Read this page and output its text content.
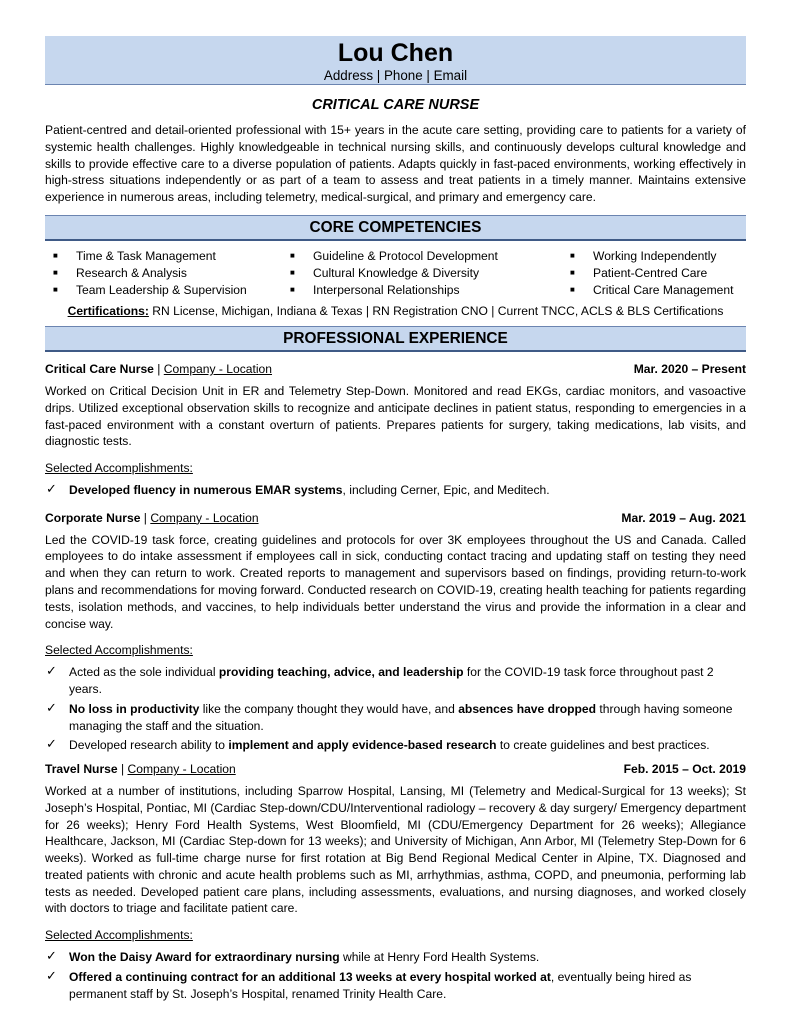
Lou Chen
Address | Phone | Email
CRITICAL CARE NURSE
Patient-centred and detail-oriented professional with 15+ years in the acute care setting, providing care to patients for a variety of systemic health challenges. Highly knowledgeable in technical nursing skills, and continuously develops cultural knowledge and skills to provide effective care to a diverse population of patients. Adapts quickly in fast-paced environments, working effectively in high-stress situations independently or as part of a team to assess and treat patients in a timely manner. Maintains extensive experience in numerous areas, including telemetry, medical-surgical, and primary and emergency care.
CORE COMPETENCIES
■ Time & Task Management
■ Research & Analysis
■ Team Leadership & Supervision
■ Guideline & Protocol Development
■ Cultural Knowledge & Diversity
■ Interpersonal Relationships
■ Working Independently
■ Patient-Centred Care
■ Critical Care Management
Certifications: RN License, Michigan, Indiana & Texas | RN Registration CNO | Current TNCC, ACLS & BLS Certifications
PROFESSIONAL EXPERIENCE
Critical Care Nurse | Company - Location	Mar. 2020 – Present
Worked on Critical Decision Unit in ER and Telemetry Step-Down. Monitored and read EKGs, cardiac monitors, and vasoactive drips. Utilized exceptional observation skills to recognize and anticipate declines in patient status, responding to emergencies in a fast-paced environment with a constant overturn of patients. Prepares patients for surgery, taking medications, lab visits, and diagnostic tests.
Selected Accomplishments:
✓ Developed fluency in numerous EMAR systems, including Cerner, Epic, and Meditech.
Corporate Nurse | Company - Location	Mar. 2019 – Aug. 2021
Led the COVID-19 task force, creating guidelines and protocols for over 3K employees throughout the US and Canada. Called employees to do intake assessment if employees call in sick, conducting contact tracing and updating staff on testing they need and when they can return to work. Created reports to management and supervisors based on findings, providing return-to-work plans and recommendations for moving forward. Conducted research on COVID-19, creating health teaching for patients regarding tests, isolation methods, and vaccines, to help individuals better understand the virus and provide the information in a clear and concise way.
Selected Accomplishments:
✓ Acted as the sole individual providing teaching, advice, and leadership for the COVID-19 task force throughout past 2 years.
✓ No loss in productivity like the company thought they would have, and absences have dropped through having someone managing the staff and the situation.
✓ Developed research ability to implement and apply evidence-based research to create guidelines and best practices.
Travel Nurse | Company - Location	Feb. 2015 – Oct. 2019
Worked at a number of institutions, including Sparrow Hospital, Lansing, MI (Telemetry and Medical-Surgical for 13 weeks); St Joseph’s Hospital, Pontiac, MI (Cardiac Step-down/CDU/Interventional radiology – recovery & day surgery/ Emergency department for 26 weeks); Henry Ford Health Systems, West Bloomfield, MI (CDU/Emergency Department for 26 weeks); Allegiance Healthcare, Jackson, MI (Cardiac Step-down for 13 weeks); and University of Michigan, Ann Arbor, MI (Telemetry Step-Down for 6 weeks). Worked as full-time charge nurse for first rotation at Big Bend Regional Medical Center in Alpine, TX. Diagnosed and treated patients with chronic and acute health problems such as MI, arrhythmias, asthma, COPD, and pneumonia, performing lab tests as needed. Developed patient care plans, including assessments, evaluations, and nursing diagnoses, and worked closely with doctors to triage and facilitate patient care.
Selected Accomplishments:
✓ Won the Daisy Award for extraordinary nursing while at Henry Ford Health Systems.
✓ Offered a continuing contract for an additional 13 weeks at every hospital worked at, eventually being hired as permanent staff by St. Joseph’s Hospital, renamed Trinity Health Care.
